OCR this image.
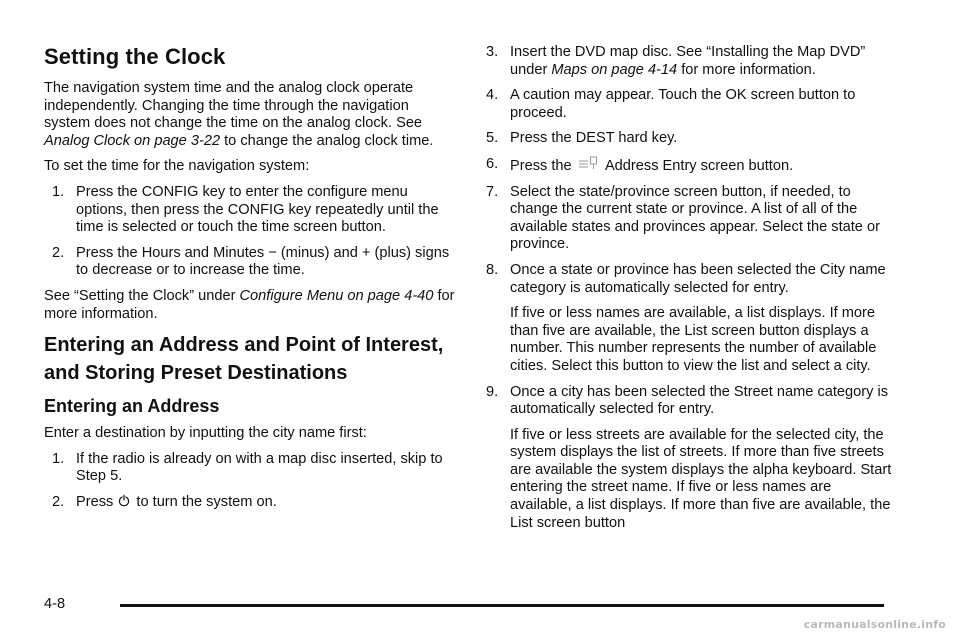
Setting the Clock

The navigation system time and the analog clock operate independently. Changing the time through the navigation system does not change the time on the analog clock. See Analog Clock on page 3-22 to change the analog clock time.

To set the time for the navigation system:

1. Press the CONFIG key to enter the configure menu options, then press the CONFIG key repeatedly until the time is selected or touch the time screen button.
2. Press the Hours and Minutes − (minus) and + (plus) signs to decrease or to increase the time.

See “Setting the Clock” under Configure Menu on page 4-40 for more information.

Entering an Address and Point of Interest, and Storing Preset Destinations
Entering an Address

Enter a destination by inputting the city name first:

1. If the radio is already on with a map disc inserted, skip to Step 5.
2. Press  to turn the system on.
3. Insert the DVD map disc. See “Installing the Map DVD” under Maps on page 4-14 for more information.
4. A caution may appear. Touch the OK screen button to proceed.
5. Press the DEST hard key.
6. Press the  Address Entry screen button.
7. Select the state/province screen button, if needed, to change the current state or province. A list of all of the available states and provinces appear. Select the state or province.
8. Once a state or province has been selected the City name category is automatically selected for entry.

If five or less names are available, a list displays. If more than five are available, the List screen button displays a number. This number represents the number of available cities. Select this button to view the list and select a city.

9. Once a city has been selected the Street name category is automatically selected for entry.

If five or less streets are available for the selected city, the system displays the list of streets. If more than five streets are available the system displays the alpha keyboard. Start entering the street name. If five or less names are available, a list displays. If more than five are available, the List screen button

4-8
carmanualsonline.info
